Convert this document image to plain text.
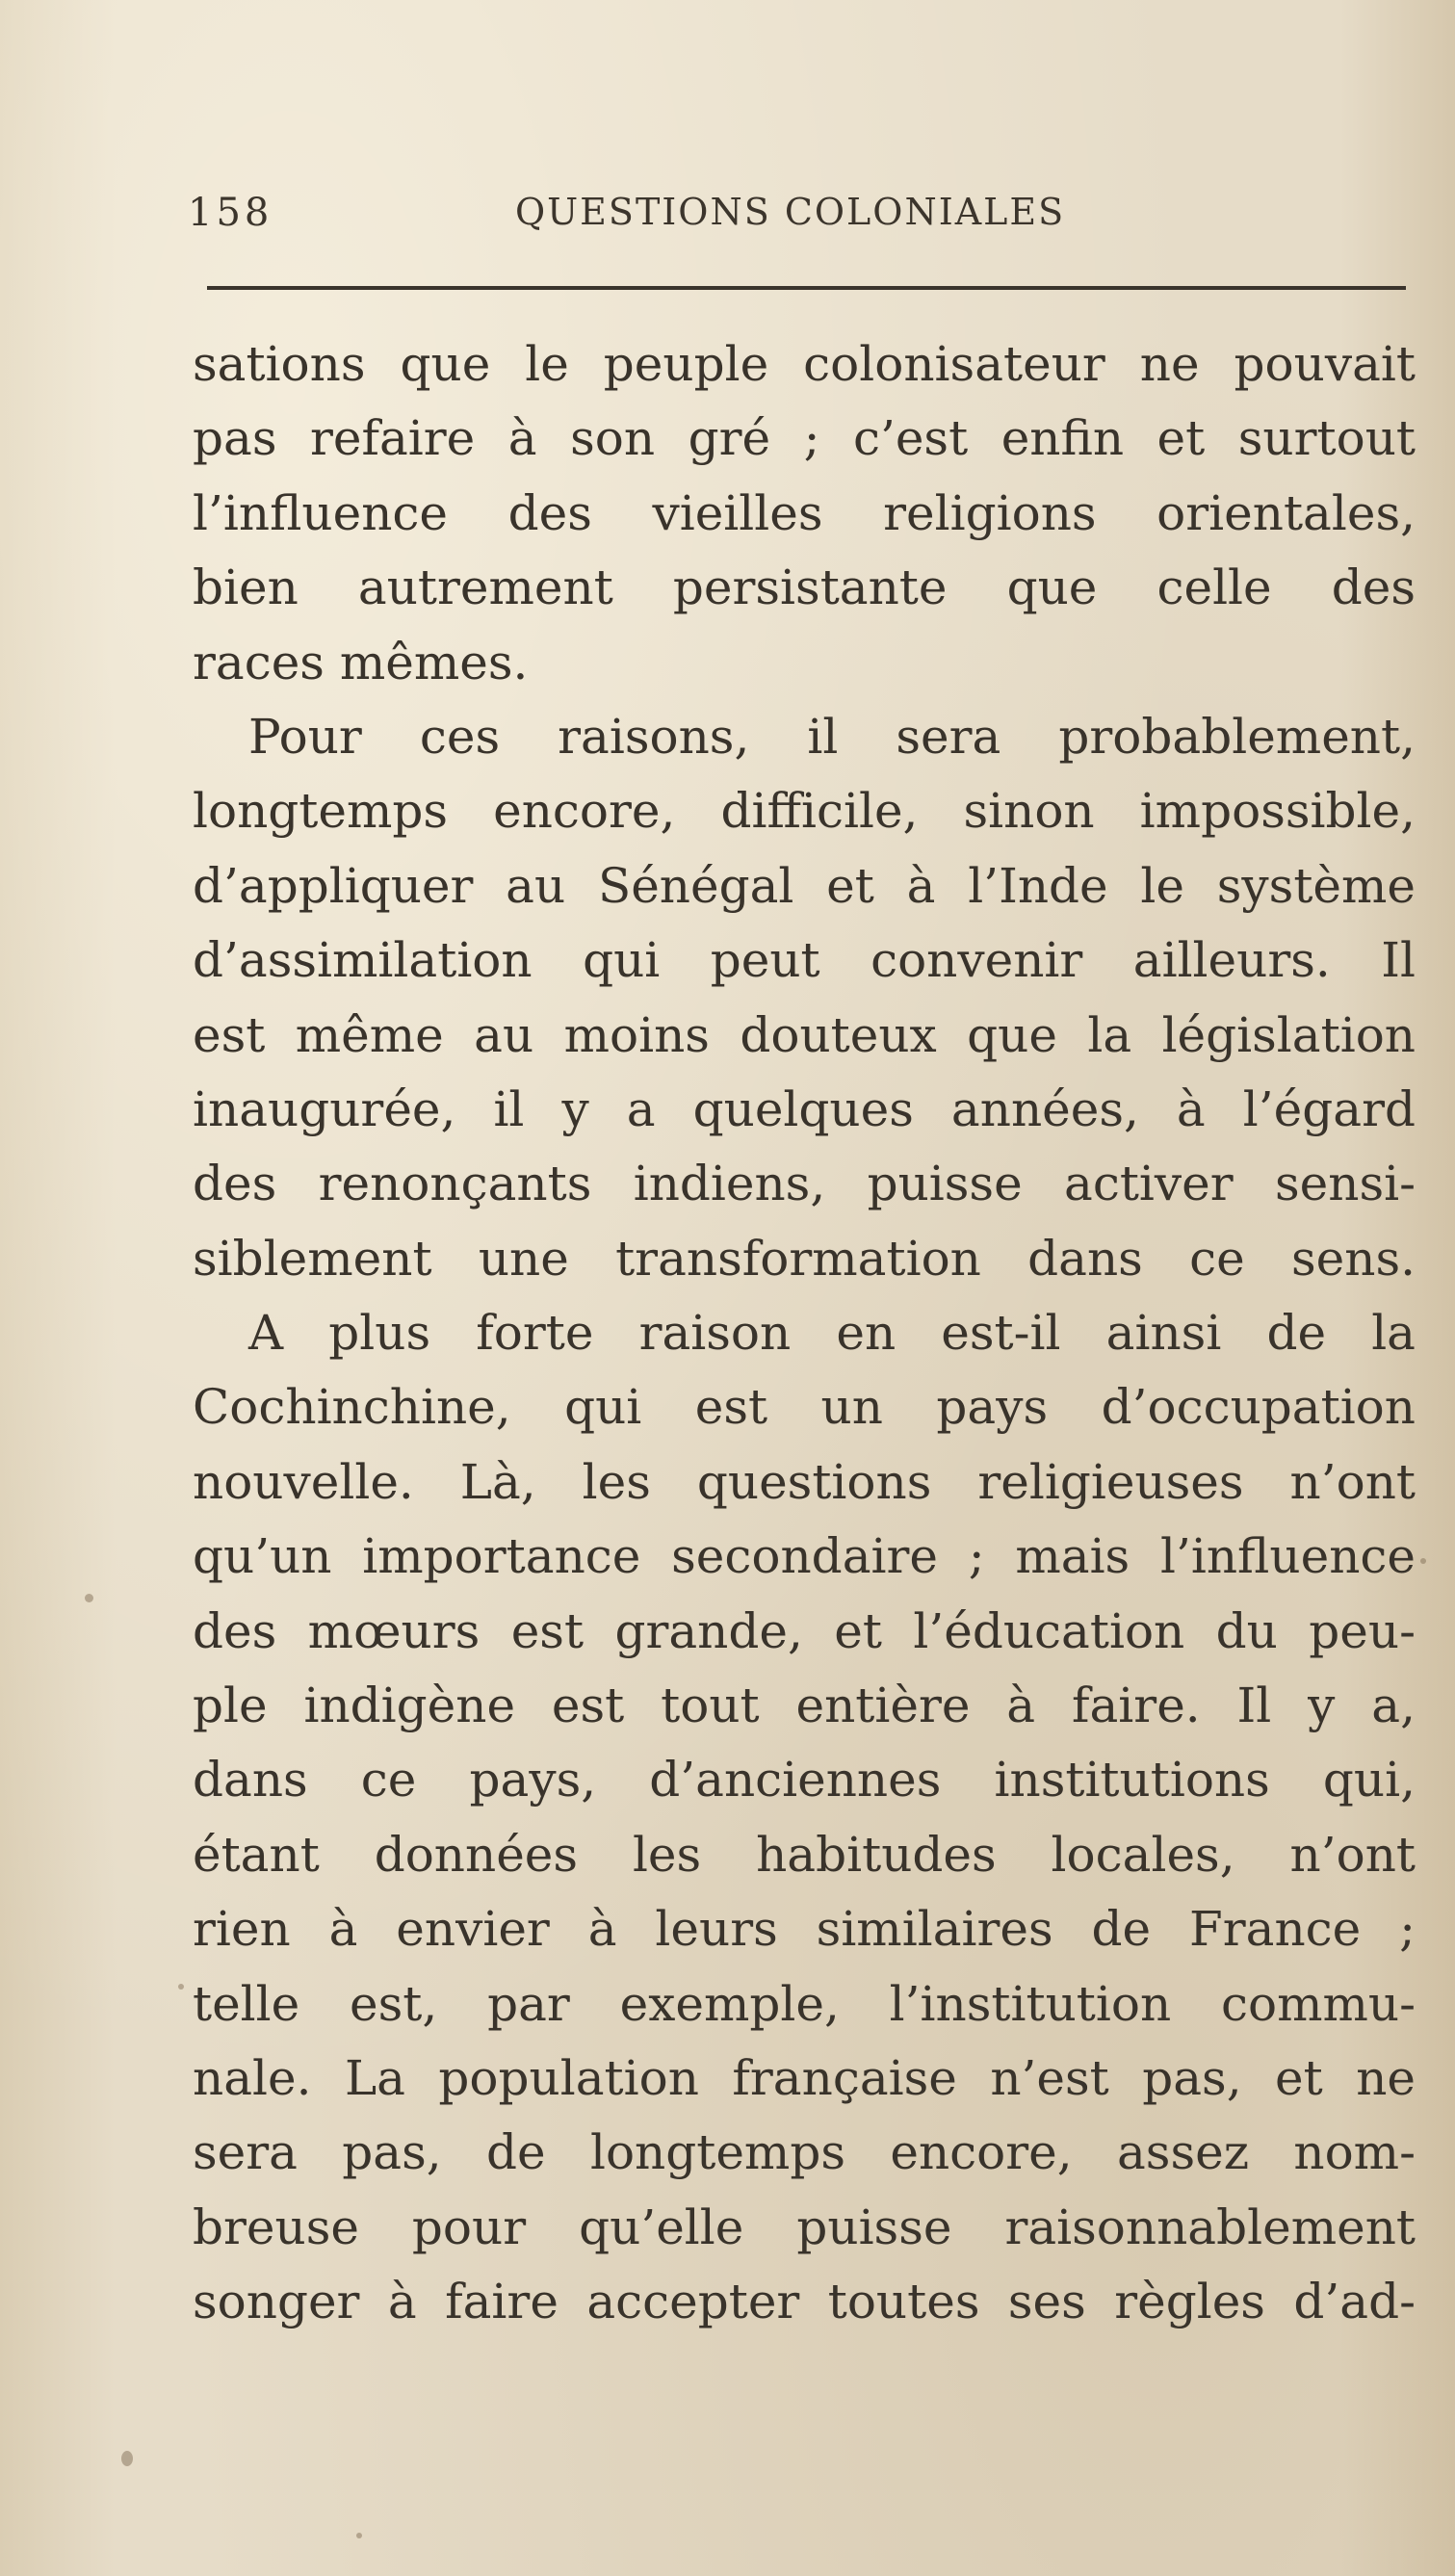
158	QUESTIONS COLONIALES
sations que le peuple colonisateur ne pouvait
pas refaire à son gré ; c’est enfin et surtout
l’influence des vieilles religions orientales,
bien autrement persistante que celle des
races mêmes.
Pour ces raisons, il sera probablement,
longtemps encore, difficile, sinon impossible,
d’appliquer au Sénégal et à l’Inde le système
d’assimilation qui peut convenir ailleurs. Il
est même au moins douteux que la législation
inaugurée, il y a quelques années, à l’égard
des renonçants indiens, puisse activer sensi-
siblement une transformation dans ce sens.
A plus forte raison en est-il ainsi de la
Cochinchine, qui est un pays d’occupation
nouvelle. Là, les questions religieuses n’ont
qu’un importance secondaire ; mais l’influence
des mœurs est grande, et l’éducation du peu-
ple indigène est tout entière à faire. Il y a,
dans ce pays, d’anciennes institutions qui,
étant données les habitudes locales, n’ont
rien à envier à leurs similaires de France ;
telle est, par exemple, l’institution commu-
nale. La population française n’est pas, et ne
sera pas, de longtemps encore, assez nom-
breuse pour qu’elle puisse raisonnablement
songer à faire accepter toutes ses règles d’ad-
